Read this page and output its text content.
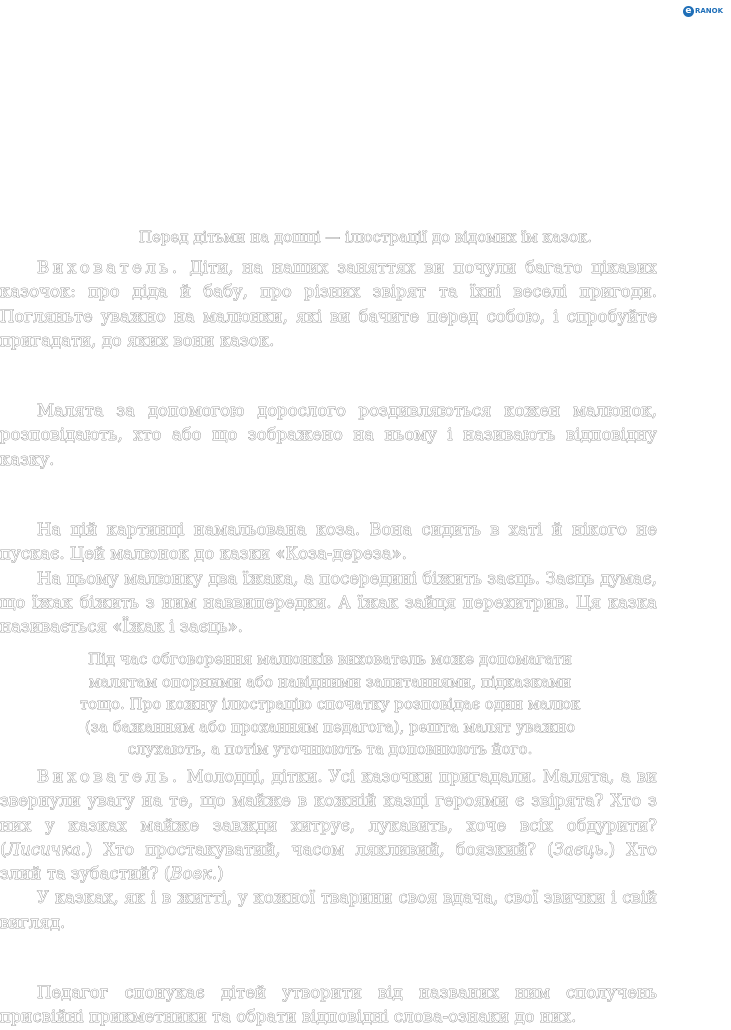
e RANOK
Перед дітьми на дошці — ілюстрації до відомих їм казок.

Вихователь. Діти, на наших заняттях ви почули багато цікавих казочок: про діда й бабу, про різних звірят та їхні веселі пригоди. Погляньте уважно на малюнки, які ви бачите перед собою, і спробуйте пригадати, до яких вони казок.

Малята за допомогою дорослого роздивляються кожен малюнок, розповідають, хто або що зображено на ньому і називають відповідну казку.

На цій картинці намальована коза. Вона сидить в хаті й нікого не пускає. Цей малюнок до казки «Коза-дереза».

На цьому малюнку два їжака, а посередині біжить заєць. Заєць думає, що їжак біжить з ним наввипередки. А їжак зайця перехитрив. Ця казка називається «Їжак і заєць».

Під час обговорення малюнків вихователь може допомагати

малятам опорними або навідними запитаннями, підказками

тощо. Про кожну ілюстрацію спочатку розповідає один малюк

(за бажанням або проханням педагога), решта малят уважно

слухають, а потім уточнюють та доповнюють його.

Вихователь. Молодці, дітки. Усі казочки пригадали. Малята, а ви звернули увагу на те, що майже в кожній казці героями є звірята? Хто з них у казках майже завжди хитрує, лукавить, хоче всіх обдурити? (Лисичка.) Хто простакуватий, часом лякливий, боязкий? (Заєць.) Хто злий та зубастий? (Вовк.)

У казках, як і в житті, у кожної тварини своя вдача, свої звички і свій вигляд.

Педагог спонукає дітей утворити від названих ним сполучень присвійні прикметники та обрати відповідні слова-ознаки до них.
